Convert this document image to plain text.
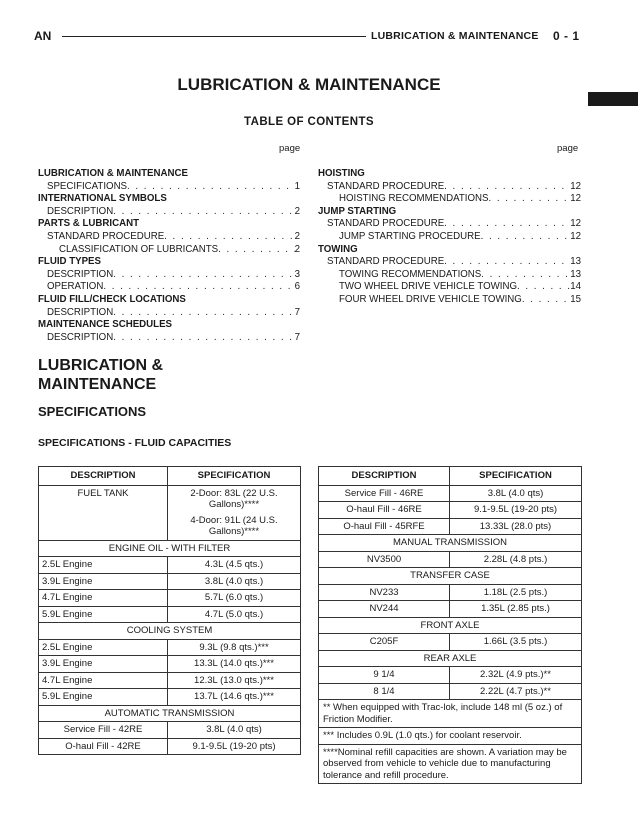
AN	LUBRICATION & MAINTENANCE 0 - 1
LUBRICATION & MAINTENANCE
TABLE OF CONTENTS
page	page
LUBRICATION & MAINTENANCE
SPECIFICATIONS . . .	1
INTERNATIONAL SYMBOLS
DESCRIPTION . . .	2
PARTS & LUBRICANT
STANDARD PROCEDURE . . .	2
CLASSIFICATION OF LUBRICANTS . . .	2
FLUID TYPES
DESCRIPTION . . .	3
OPERATION . . .	6
FLUID FILL/CHECK LOCATIONS
DESCRIPTION . . .	7
MAINTENANCE SCHEDULES
DESCRIPTION . . .	7
HOISTING
STANDARD PROCEDURE . . .	12
HOISTING RECOMMENDATIONS . . .	12
JUMP STARTING
STANDARD PROCEDURE . . .	12
JUMP STARTING PROCEDURE . . .	12
TOWING
STANDARD PROCEDURE . . .	13
TOWING RECOMMENDATIONS . . .	13
TWO WHEEL DRIVE VEHICLE TOWING . . .	14
FOUR WHEEL DRIVE VEHICLE TOWING . . .	15
LUBRICATION &
MAINTENANCE
SPECIFICATIONS
SPECIFICATIONS - FLUID CAPACITIES
DESCRIPTION	SPECIFICATION
FUEL TANK	2-Door: 83L (22 U.S. Gallons)****
4-Door: 91L (24 U.S. Gallons)****

ENGINE OIL - WITH FILTER	
2.5L Engine	4.3L (4.5 qts.)

3.9L Engine	3.8L (4.0 qts.)

4.7L Engine	5.7L (6.0 qts.)

5.9L Engine	4.7L (5.0 qts.)

COOLING SYSTEM	
2.5L Engine	9.3L (9.8 qts.)***

3.9L Engine	13.3L (14.0 qts.)***

4.7L Engine	12.3L (13.0 qts.)***

5.9L Engine	13.7L (14.6 qts.)***

AUTOMATIC TRANSMISSION	
Service Fill - 42RE	3.8L (4.0 qts)

O-haul Fill - 42RE	9.1-9.5L (19-20 pts)
DESCRIPTION	SPECIFICATION
Service Fill - 46RE	3.8L (4.0 qts)

O-haul Fill - 46RE	9.1-9.5L (19-20 pts)

O-haul Fill - 45RFE	13.33L (28.0 pts)

MANUAL TRANSMISSION	
NV3500	2.28L (4.8 pts.)

TRANSFER CASE	
NV233	1.18L (2.5 pts.)

NV244	1.35L (2.85 pts.)

FRONT AXLE	
C205F	1.66L (3.5 pts.)

REAR AXLE	
9 1/4	2.32L (4.9 pts.)**

8 1/4	2.22L (4.7 pts.)**

** When equipped with Trac-lok, include 148 ml (5 oz.) of Friction Modifier.	
*** Includes 0.9L (1.0 qts.) for coolant reservoir.	
****Nominal refill capacities are shown. A variation may be observed from vehicle to vehicle due to manufacturing tolerance and refill procedure.	
